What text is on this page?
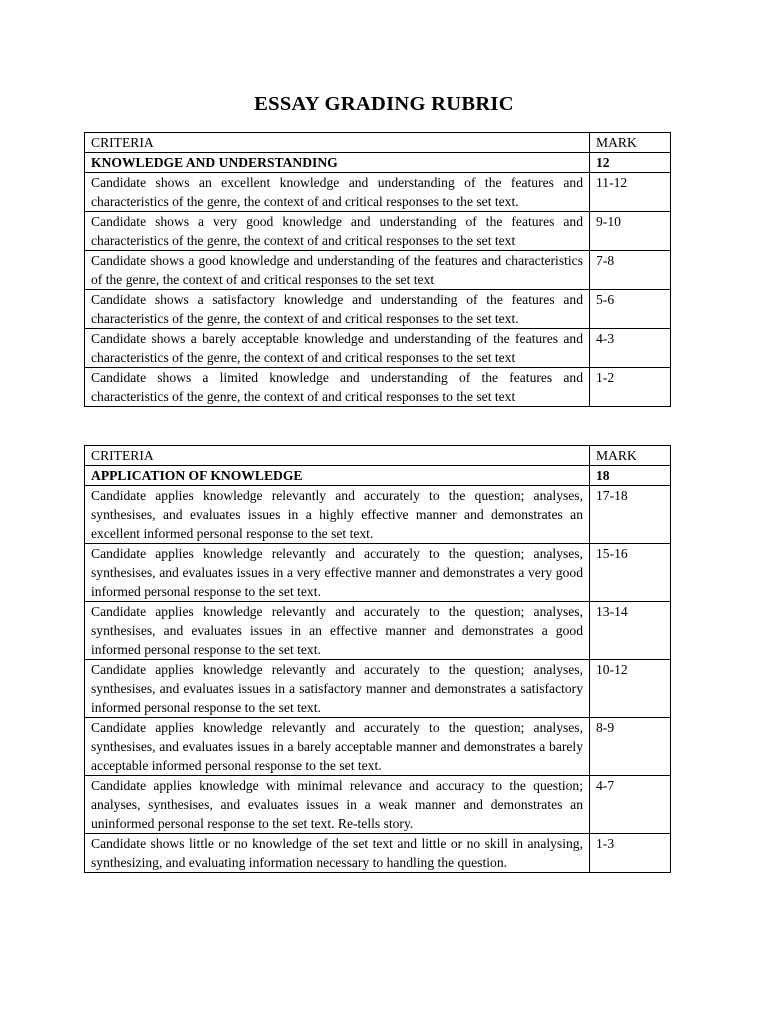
ESSAY GRADING RUBRIC
CRITERIA	MARK
KNOWLEDGE AND UNDERSTANDING	12
Candidate shows an excellent knowledge and understanding of the features and characteristics of the genre, the context of and critical responses to the set text.	11-12
Candidate shows a very good knowledge and understanding of the features and characteristics of the genre, the context of and critical responses to the set text	9-10
Candidate shows a good knowledge and understanding of the features and characteristics of the genre, the context of and critical responses to the set text	7-8
Candidate shows a satisfactory knowledge and understanding of the features and characteristics of the genre, the context of and critical responses to the set text.	5-6
Candidate shows a barely acceptable knowledge and understanding of the features and characteristics of the genre, the context of and critical responses to the set text	4-3
Candidate shows a limited knowledge and understanding of the features and characteristics of the genre, the context of and critical responses to the set text	1-2
CRITERIA	MARK
APPLICATION OF KNOWLEDGE	18
Candidate applies knowledge relevantly and accurately to the question; analyses, synthesises, and evaluates issues in a highly effective manner and demonstrates an excellent informed personal response to the set text.	17-18
Candidate applies knowledge relevantly and accurately to the question; analyses, synthesises, and evaluates issues in a very effective manner and demonstrates a very good informed personal response to the set text.	15-16
Candidate applies knowledge relevantly and accurately to the question; analyses, synthesises, and evaluates issues in an effective manner and demonstrates a good informed personal response to the set text.	13-14
Candidate applies knowledge relevantly and accurately to the question; analyses, synthesises, and evaluates issues in a satisfactory manner and demonstrates a satisfactory informed personal response to the set text.	10-12
Candidate applies knowledge relevantly and accurately to the question; analyses, synthesises, and evaluates issues in a barely acceptable manner and demonstrates a barely acceptable informed personal response to the set text.	8-9
Candidate applies knowledge with minimal relevance and accuracy to the question; analyses, synthesises, and evaluates issues in a weak manner and demonstrates an uninformed personal response to the set text. Re-tells story.	4-7
Candidate shows little or no knowledge of the set text and little or no skill in analysing, synthesizing, and evaluating information necessary to handling the question.	1-3
